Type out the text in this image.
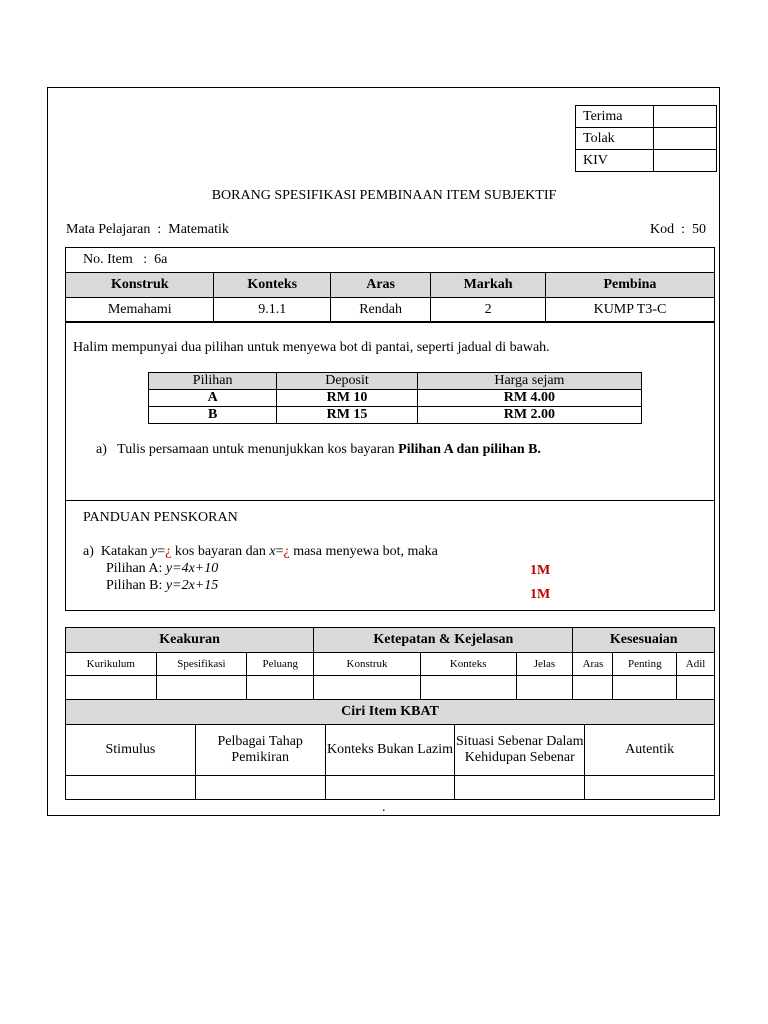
Terima	
Tolak	
KIV	
BORANG SPESIFIKASI PEMBINAAN ITEM SUBJEKTIF
Mata Pelajaran : Matematik	Kod : 50
No. Item : 6a
Konstruk	Konteks	Aras	Markah	Pembina
Memahami	9.1.1	Rendah	2	KUMP T3-C
Halim mempunyai dua pilihan untuk menyewa bot di pantai, seperti jadual di bawah.
Pilihan	Deposit	Harga sejam
A	RM 10	RM 4.00
B	RM 15	RM 2.00
a) Tulis persamaan untuk menunjukkan kos bayaran Pilihan A dan pilihan B.
PANDUAN PENSKORAN
a) Katakan y=¿ kos bayaran dan x=¿ masa menyewa bot, maka
Pilihan A: y=4x+10
Pilihan B: y=2x+15
1M
1M
Keakuran			Ketepatan & Kejelasan			Kesesuaian		
Kurikulum	Spesifikasi	Peluang	Konstruk	Konteks	Jelas	Aras	Penting	Adil

Ciri Item KBAT				
Stimulus	Pelbagai Tahap Pemikiran	Konteks Bukan Lazim	Situasi Sebenar Dalam Kehidupan Sebenar	Autentik

.
